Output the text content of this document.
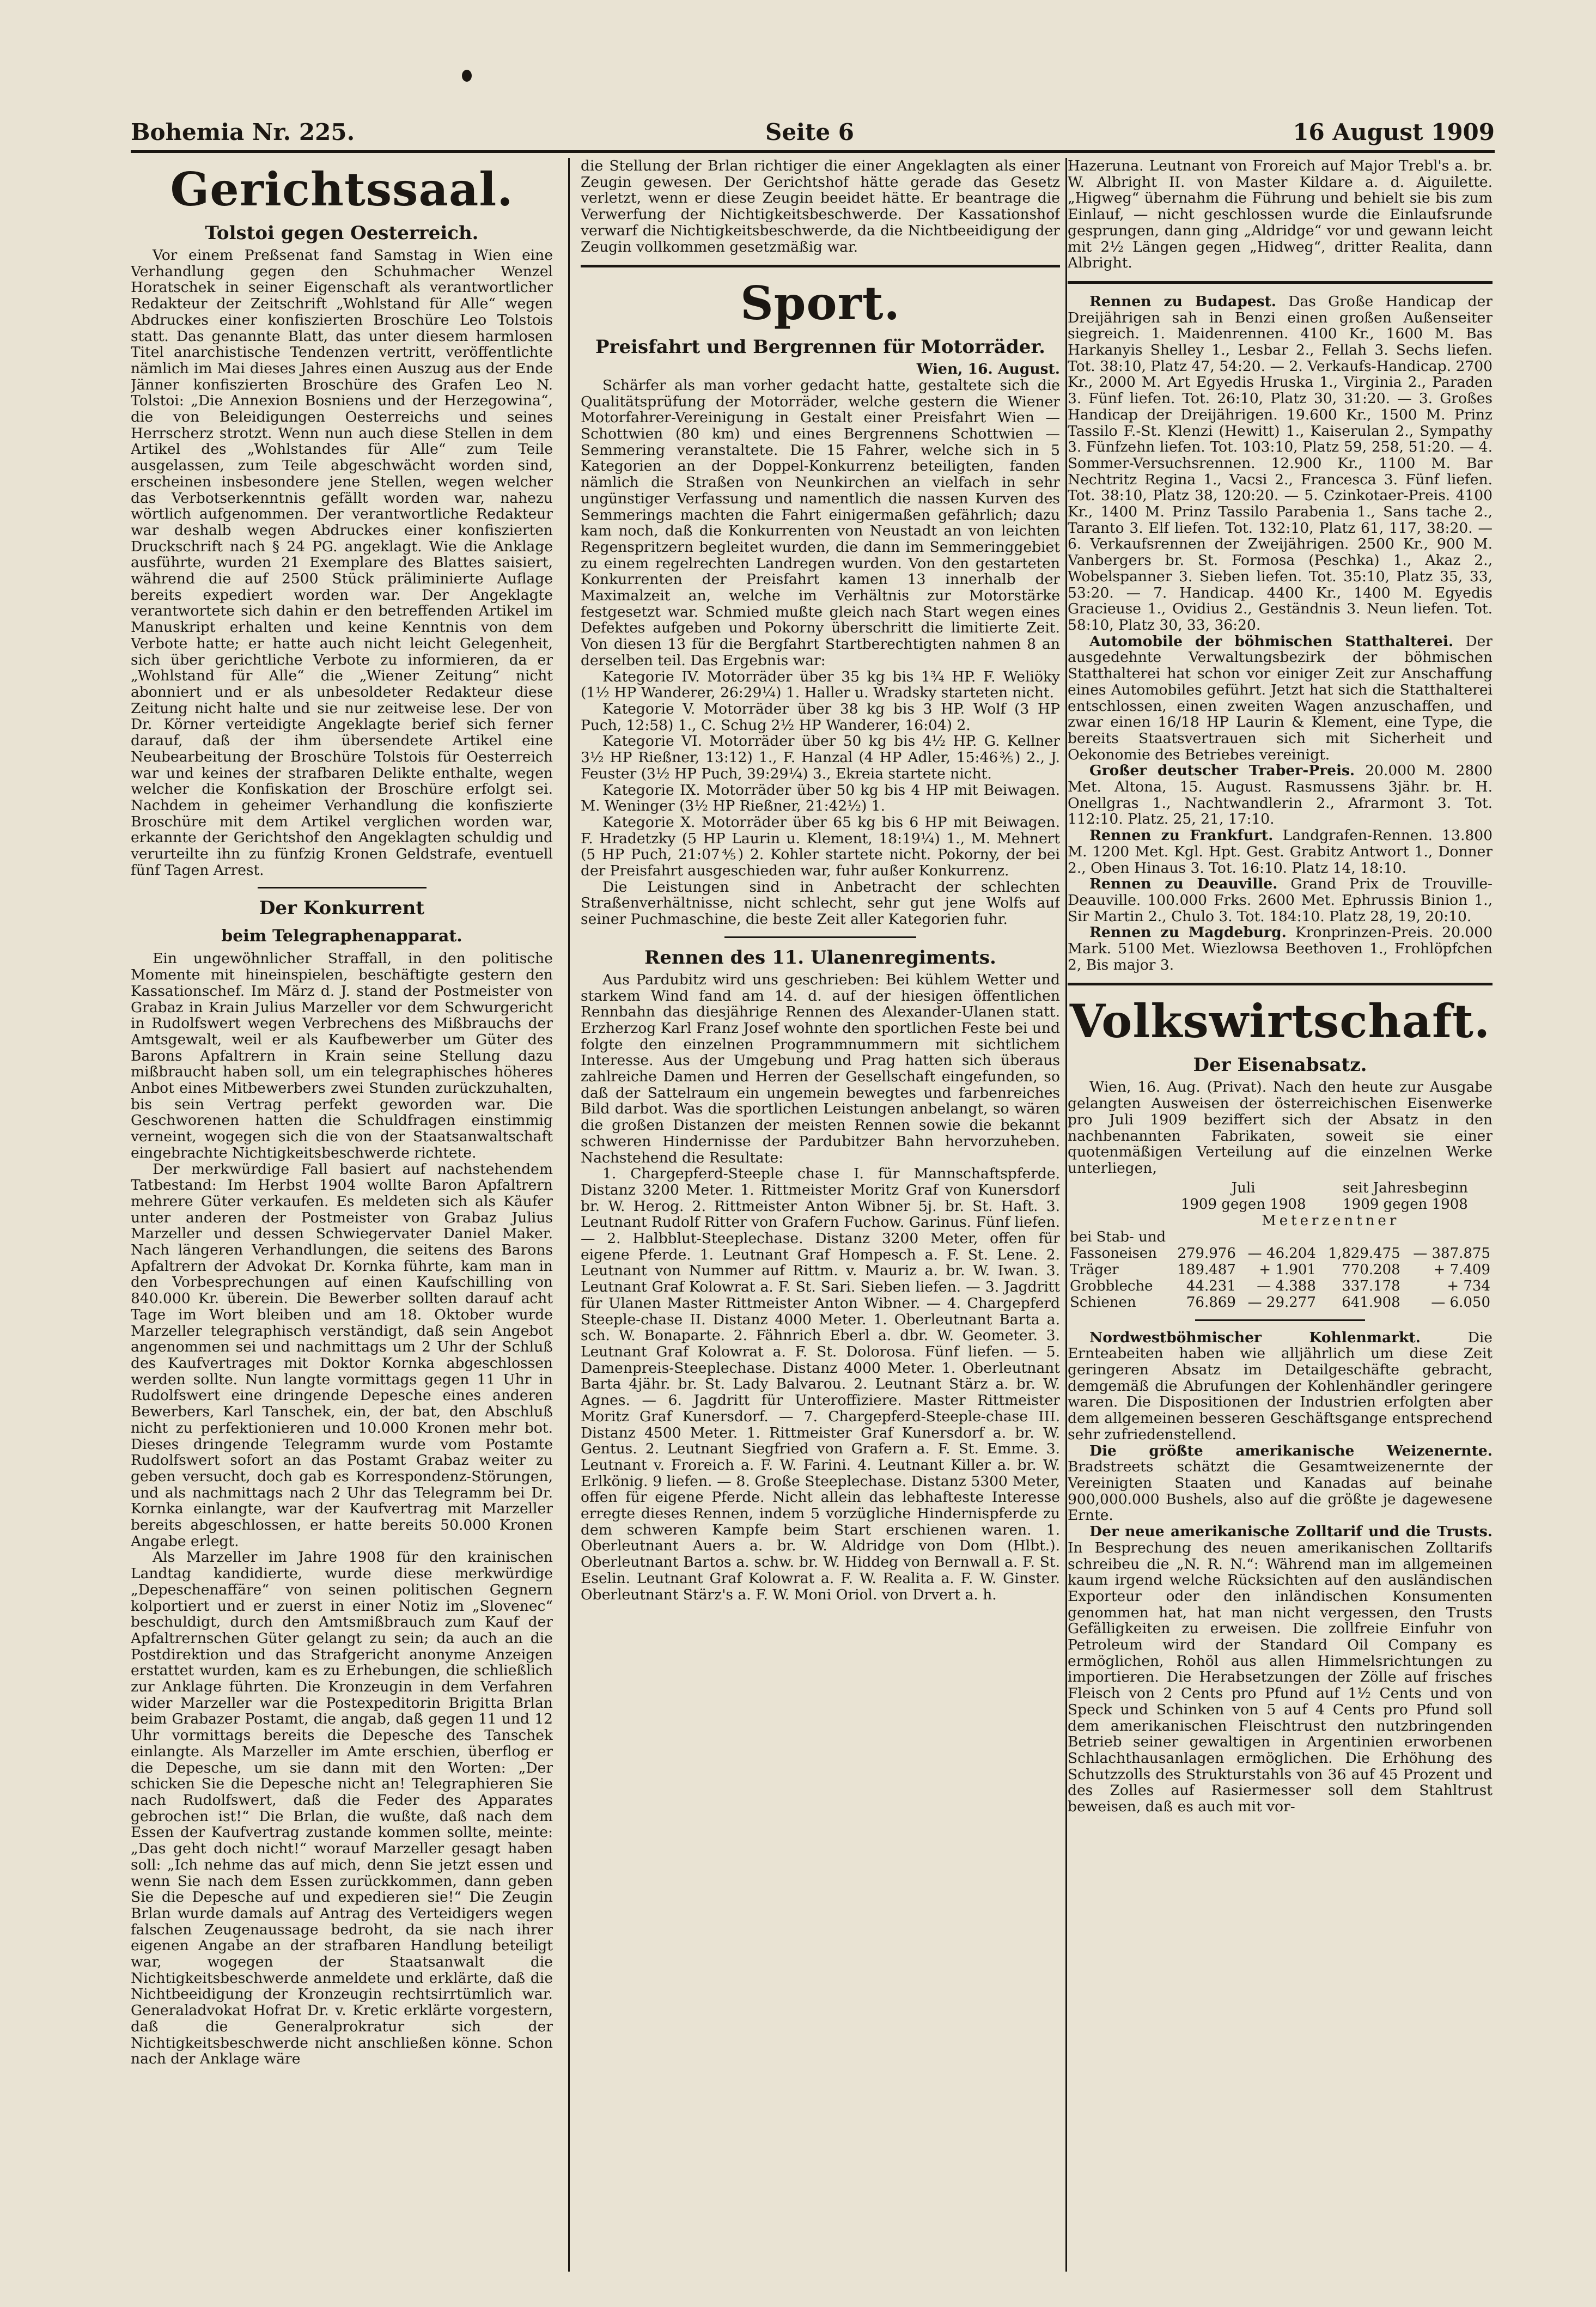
Bohemia Nr. 225.	Seite 6	16 August 1909
Gerichtssaal.
Tolstoi gegen Oesterreich.

Vor einem Preßsenat fand Samstag in Wien eine Verhandlung gegen den Schuhmacher Wenzel Horatschek in seiner Eigenschaft als verantwortlicher Redakteur der Zeitschrift „Wohlstand für Alle“ wegen Abdruckes einer konfiszierten Broschüre Leo Tolstois statt. Das genannte Blatt, das unter diesem harmlosen Titel anarchistische Tendenzen vertritt, veröffentlichte nämlich im Mai dieses Jahres einen Auszug aus der Ende Jänner konfiszierten Broschüre des Grafen Leo N. Tolstoi: „Die Annexion Bosniens und der Herzegowina“, die von Beleidigungen Oesterreichs und seines Herrscherz strotzt. Wenn nun auch diese Stellen in dem Artikel des „Wohlstandes für Alle“ zum Teile ausgelassen, zum Teile abgeschwächt worden sind, erscheinen insbesondere jene Stellen, wegen welcher das Verbotserkenntnis gefällt worden war, nahezu wörtlich aufgenommen. Der verantwortliche Redakteur war deshalb wegen Abdruckes einer konfiszierten Druckschrift nach § 24 PG. angeklagt. Wie die Anklage ausführte, wurden 21 Exemplare des Blattes saisiert, während die auf 2500 Stück präliminierte Auflage bereits expediert worden war. Der Angeklagte verantwortete sich dahin er den betreffenden Artikel im Manuskript erhalten und keine Kenntnis von dem Verbote hatte; er hatte auch nicht leicht Gelegenheit, sich über gerichtliche Verbote zu informieren, da er „Wohlstand für Alle“ die „Wiener Zeitung“ nicht abonniert und er als unbesoldeter Redakteur diese Zeitung nicht halte und sie nur zeitweise lese. Der von Dr. Körner verteidigte Angeklagte berief sich ferner darauf, daß der ihm übersendete Artikel eine Neubearbeitung der Broschüre Tolstois für Oesterreich war und keines der strafbaren Delikte enthalte, wegen welcher die Konfiskation der Broschüre erfolgt sei. Nachdem in geheimer Verhandlung die konfiszierte Broschüre mit dem Artikel verglichen worden war, erkannte der Gerichtshof den Angeklagten schuldig und verurteilte ihn zu fünfzig Kronen Geldstrafe, eventuell fünf Tagen Arrest.

Der Konkurrent
beim Telegraphenapparat.

Ein ungewöhnlicher Straffall, in den politische Momente mit hineinspielen, beschäftigte gestern den Kassationschef. Im März d. J. stand der Postmeister von Grabaz in Krain Julius Marzeller vor dem Schwurgericht in Rudolfswert wegen Verbrechens des Mißbrauchs der Amtsgewalt, weil er als Kaufbewerber um Güter des Barons Apfaltrern in Krain seine Stellung dazu mißbraucht haben soll, um ein telegraphisches höheres Anbot eines Mitbewerbers zwei Stunden zurückzuhalten, bis sein Vertrag perfekt geworden war. Die Geschworenen hatten die Schuldfragen einstimmig verneint, wogegen sich die von der Staatsanwaltschaft eingebrachte Nichtigkeitsbeschwerde richtete.

Der merkwürdige Fall basiert auf nachstehendem Tatbestand: Im Herbst 1904 wollte Baron Apfaltrern mehrere Güter verkaufen. Es meldeten sich als Käufer unter anderen der Postmeister von Grabaz Julius Marzeller und dessen Schwiegervater Daniel Maker. Nach längeren Verhandlungen, die seitens des Barons Apfaltrern der Advokat Dr. Kornka führte, kam man in den Vorbesprechungen auf einen Kaufschilling von 840.000 Kr. überein. Die Bewerber sollten darauf acht Tage im Wort bleiben und am 18. Oktober wurde Marzeller telegraphisch verständigt, daß sein Angebot angenommen sei und nachmittags um 2 Uhr der Schluß des Kaufvertrages mit Doktor Kornka abgeschlossen werden sollte. Nun langte vormittags gegen 11 Uhr in Rudolfswert eine dringende Depesche eines anderen Bewerbers, Karl Tanschek, ein, der bat, den Abschluß nicht zu perfektionieren und 10.000 Kronen mehr bot. Dieses dringende Telegramm wurde vom Postamte Rudolfswert sofort an das Postamt Grabaz weiter zu geben versucht, doch gab es Korrespondenz-Störungen, und als nachmittags nach 2 Uhr das Telegramm bei Dr. Kornka einlangte, war der Kaufvertrag mit Marzeller bereits abgeschlossen, er hatte bereits 50.000 Kronen Angabe erlegt.

Als Marzeller im Jahre 1908 für den krainischen Landtag kandidierte, wurde diese merkwürdige „Depeschenaffäre“ von seinen politischen Gegnern kolportiert und er zuerst in einer Notiz im „Slovenec“ beschuldigt, durch den Amtsmißbrauch zum Kauf der Apfaltrernschen Güter gelangt zu sein; da auch an die Postdirektion und das Strafgericht anonyme Anzeigen erstattet wurden, kam es zu Erhebungen, die schließlich zur Anklage führten. Die Kronzeugin in dem Verfahren wider Marzeller war die Postexpeditorin Brigitta Brlan beim Grabazer Postamt, die angab, daß gegen 11 und 12 Uhr vormittags bereits die Depesche des Tanschek einlangte. Als Marzeller im Amte erschien, überflog er die Depesche, um sie dann mit den Worten: „Der schicken Sie die Depesche nicht an! Telegraphieren Sie nach Rudolfswert, daß die Feder des Apparates gebrochen ist!“ Die Brlan, die wußte, daß nach dem Essen der Kaufvertrag zustande kommen sollte, meinte: „Das geht doch nicht!“ worauf Marzeller gesagt haben soll: „Ich nehme das auf mich, denn Sie jetzt essen und wenn Sie nach dem Essen zurückkommen, dann geben Sie die Depesche auf und expedieren sie!“ Die Zeugin Brlan wurde damals auf Antrag des Verteidigers wegen falschen Zeugenaussage bedroht, da sie nach ihrer eigenen Angabe an der strafbaren Handlung beteiligt war, wogegen der Staatsanwalt die Nichtigkeitsbeschwerde anmeldete und erklärte, daß die Nichtbeeidigung der Kronzeugin rechtsirrtümlich war. Generaladvokat Hofrat Dr. v. Kretic erklärte vorgestern, daß die Generalprokratur sich der Nichtigkeitsbeschwerde nicht anschließen könne. Schon nach der Anklage wäre

die Stellung der Brlan richtiger die einer Angeklagten als einer Zeugin gewesen. Der Gerichtshof hätte gerade das Gesetz verletzt, wenn er diese Zeugin beeidet hätte. Er beantrage die Verwerfung der Nichtigkeitsbeschwerde. Der Kassationshof verwarf die Nichtigkeitsbeschwerde, da die Nichtbeeidigung der Zeugin vollkommen gesetzmäßig war.

Sport.
Preisfahrt und Bergrennen für Motorräder.
Wien, 16. August.

Schärfer als man vorher gedacht hatte, gestaltete sich die Qualitätsprüfung der Motorräder, welche gestern die Wiener Motorfahrer-Vereinigung in Gestalt einer Preisfahrt Wien — Schottwien (80 km) und eines Bergrennens Schottwien — Semmering veranstaltete. Die 15 Fahrer, welche sich in 5 Kategorien an der Doppel-Konkurrenz beteiligten, fanden nämlich die Straßen von Neunkirchen an vielfach in sehr ungünstiger Verfassung und namentlich die nassen Kurven des Semmerings machten die Fahrt einigermaßen gefährlich; dazu kam noch, daß die Konkurrenten von Neustadt an von leichten Regenspritzern begleitet wurden, die dann im Semmeringgebiet zu einem regelrechten Landregen wurden. Von den gestarteten Konkurrenten der Preisfahrt kamen 13 innerhalb der Maximalzeit an, welche im Verhältnis zur Motorstärke festgesetzt war. Schmied mußte gleich nach Start wegen eines Defektes aufgeben und Pokorny überschritt die limitierte Zeit. Von diesen 13 für die Bergfahrt Startberechtigten nahmen 8 an derselben teil. Das Ergebnis war:

Kategorie IV. Motorräder über 35 kg bis 1¾ HP. F. Weliöky (1½ HP Wanderer, 26:29¼) 1. Haller u. Wradsky starteten nicht.

Kategorie V. Motorräder über 38 kg bis 3 HP. Wolf (3 HP Puch, 12:58) 1., C. Schug 2½ HP Wanderer, 16:04) 2.

Kategorie VI. Motorräder über 50 kg bis 4½ HP. G. Kellner 3½ HP Rießner, 13:12) 1., F. Hanzal (4 HP Adler, 15:46⅗) 2., J. Feuster (3½ HP Puch, 39:29¼) 3., Ekreia startete nicht.

Kategorie IX. Motorräder über 50 kg bis 4 HP mit Beiwagen. M. Weninger (3½ HP Rießner, 21:42½) 1.

Kategorie X. Motorräder über 65 kg bis 6 HP mit Beiwagen. F. Hradetzky (5 HP Laurin u. Klement, 18:19¼) 1., M. Mehnert (5 HP Puch, 21:07⅘) 2. Kohler startete nicht. Pokorny, der bei der Preisfahrt ausgeschieden war, fuhr außer Konkurrenz.

Die Leistungen sind in Anbetracht der schlechten Straßenverhältnisse, nicht schlecht, sehr gut jene Wolfs auf seiner Puchmaschine, die beste Zeit aller Kategorien fuhr.

Rennen des 11. Ulanenregiments.

Aus Pardubitz wird uns geschrieben: Bei kühlem Wetter und starkem Wind fand am 14. d. auf der hiesigen öffentlichen Rennbahn das diesjährige Rennen des Alexander-Ulanen statt. Erzherzog Karl Franz Josef wohnte den sportlichen Feste bei und folgte den einzelnen Programmnummern mit sichtlichem Interesse. Aus der Umgebung und Prag hatten sich überaus zahlreiche Damen und Herren der Gesellschaft eingefunden, so daß der Sattelraum ein ungemein bewegtes und farbenreiches Bild darbot. Was die sportlichen Leistungen anbelangt, so wären die großen Distanzen der meisten Rennen sowie die bekannt schweren Hindernisse der Pardubitzer Bahn hervorzuheben. Nachstehend die Resultate:

1. Chargepferd-Steeple chase I. für Mannschaftspferde. Distanz 3200 Meter. 1. Rittmeister Moritz Graf von Kunersdorf br. W. Herog. 2. Rittmeister Anton Wibner 5j. br. St. Haft. 3. Leutnant Rudolf Ritter von Grafern Fuchow. Garinus. Fünf liefen. — 2. Halbblut-Steeplechase. Distanz 3200 Meter, offen für eigene Pferde. 1. Leutnant Graf Hompesch a. F. St. Lene. 2. Leutnant von Nummer auf Rittm. v. Mauriz a. br. W. Iwan. 3. Leutnant Graf Kolowrat a. F. St. Sari. Sieben liefen. — 3. Jagdritt für Ulanen Master Rittmeister Anton Wibner. — 4. Chargepferd Steeple-chase II. Distanz 4000 Meter. 1. Oberleutnant Barta a. sch. W. Bonaparte. 2. Fähnrich Eberl a. dbr. W. Geometer. 3. Leutnant Graf Kolowrat a. F. St. Dolorosa. Fünf liefen. — 5. Damenpreis-Steeplechase. Distanz 4000 Meter. 1. Oberleutnant Barta 4jähr. br. St. Lady Balvarou. 2. Leutnant Stärz a. br. W. Agnes. — 6. Jagdritt für Unteroffiziere. Master Rittmeister Moritz Graf Kunersdorf. — 7. Chargepferd-Steeple-chase III. Distanz 4500 Meter. 1. Rittmeister Graf Kunersdorf a. br. W. Gentus. 2. Leutnant Siegfried von Grafern a. F. St. Emme. 3. Leutnant v. Froreich a. F. W. Farini. 4. Leutnant Killer a. br. W. Erlkönig. 9 liefen. — 8. Große Steeplechase. Distanz 5300 Meter, offen für eigene Pferde. Nicht allein das lebhafteste Interesse erregte dieses Rennen, indem 5 vorzügliche Hindernispferde zu dem schweren Kampfe beim Start erschienen waren. 1. Oberleutnant Auers a. br. W. Aldridge von Dom (Hlbt.). Oberleutnant Bartos a. schw. br. W. Hiddeg von Bernwall a. F. St. Eselin. Leutnant Graf Kolowrat a. F. W. Realita a. F. W. Ginster. Oberleutnant Stärz's a. F. W. Moni Oriol. von Drvert a. h.

Hazeruna. Leutnant von Froreich auf Major Trebl's a. br. W. Albright II. von Master Kildare a. d. Aiguilette. „Higweg“ übernahm die Führung und behielt sie bis zum Einlauf, — nicht geschlossen wurde die Einlaufsrunde gesprungen, dann ging „Aldridge“ vor und gewann leicht mit 2½ Längen gegen „Hidweg“, dritter Realita, dann Albright.

Rennen zu Budapest. Das Große Handicap der Dreijährigen sah in Benzi einen großen Außenseiter siegreich. 1. Maidenrennen. 4100 Kr., 1600 M. Bas Harkanyis Shelley 1., Lesbar 2., Fellah 3. Sechs liefen. Tot. 38:10, Platz 47, 54:20. — 2. Verkaufs-Handicap. 2700 Kr., 2000 M. Art Egyedis Hruska 1., Virginia 2., Paraden 3. Fünf liefen. Tot. 26:10, Platz 30, 31:20. — 3. Großes Handicap der Dreijährigen. 19.600 Kr., 1500 M. Prinz Tassilo F.-St. Klenzi (Hewitt) 1., Kaiserulan 2., Sympathy 3. Fünfzehn liefen. Tot. 103:10, Platz 59, 258, 51:20. — 4. Sommer-Versuchsrennen. 12.900 Kr., 1100 M. Bar Nechtritz Regina 1., Vacsi 2., Francesca 3. Fünf liefen. Tot. 38:10, Platz 38, 120:20. — 5. Czinkotaer-Preis. 4100 Kr., 1400 M. Prinz Tassilo Parabenia 1., Sans tache 2., Taranto 3. Elf liefen. Tot. 132:10, Platz 61, 117, 38:20. — 6. Verkaufsrennen der Zweijährigen. 2500 Kr., 900 M. Vanbergers br. St. Formosa (Peschka) 1., Akaz 2., Wobelspanner 3. Sieben liefen. Tot. 35:10, Platz 35, 33, 53:20. — 7. Handicap. 4400 Kr., 1400 M. Egyedis Gracieuse 1., Ovidius 2., Geständnis 3. Neun liefen. Tot. 58:10, Platz 30, 33, 36:20.

Automobile der böhmischen Statthalterei. Der ausgedehnte Verwaltungsbezirk der böhmischen Statthalterei hat schon vor einiger Zeit zur Anschaffung eines Automobiles geführt. Jetzt hat sich die Statthalterei entschlossen, einen zweiten Wagen anzuschaffen, und zwar einen 16/18 HP Laurin & Klement, eine Type, die bereits Staatsvertrauen sich mit Sicherheit und Oekonomie des Betriebes vereinigt.

Großer deutscher Traber-Preis. 20.000 M. 2800 Met. Altona, 15. August. Rasmussens 3jähr. br. H. Onellgras 1., Nachtwandlerin 2., Afrarmont 3. Tot. 112:10. Platz. 25, 21, 17:10.

Rennen zu Frankfurt. Landgrafen-Rennen. 13.800 M. 1200 Met. Kgl. Hpt. Gest. Grabitz Antwort 1., Donner 2., Oben Hinaus 3. Tot. 16:10. Platz 14, 18:10.

Rennen zu Deauville. Grand Prix de Trouville-Deauville. 100.000 Frks. 2600 Met. Ephrussis Binion 1., Sir Martin 2., Chulo 3. Tot. 184:10. Platz 28, 19, 20:10.

Rennen zu Magdeburg. Kronprinzen-Preis. 20.000 Mark. 5100 Met. Wiezlowsa Beethoven 1., Frohlöpfchen 2, Bis major 3.

Volkswirtschaft.
Der Eisenabsatz.

Wien, 16. Aug. (Privat). Nach den heute zur Ausgabe gelangten Ausweisen der österreichischen Eisenwerke pro Juli 1909 beziffert sich der Absatz in den nachbenannten Fabrikaten, soweit sie einer quotenmäßigen Verteilung auf die einzelnen Werke unterliegen,

	Juli		seit Jahresbeginn	
	1909 gegen 1908		1909 gegen 1908	
	Meterzentner			
bei Stab- und				
Fassoneisen	279.976	— 46.204	1,829.475	— 387.875
Träger	189.487	+ 1.901	770.208	+ 7.409
Grobbleche	44.231	— 4.388	337.178	+ 734
Schienen	76.869	— 29.277	641.908	— 6.050

Nordwestböhmischer Kohlenmarkt.	Die Ernteabeiten haben wie alljährlich um diese Zeit geringeren Absatz im Detailgeschäfte gebracht, demgemäß die Abrufungen der Kohlenhändler geringere waren. Die Dispositionen der Industrien erfolgten aber dem allgemeinen besseren Geschäftsgange entsprechend sehr zufriedenstellend.

Die größte amerikanische Weizenernte. Bradstreets schätzt die Gesamtweizenernte der Vereinigten Staaten und Kanadas auf beinahe 900,000.000 Bushels, also auf die größte je dagewesene Ernte.

Der neue amerikanische Zolltarif und die Trusts. In Besprechung des neuen amerikanischen Zolltarifs schreibeu die „N. R. N.“: Während man im allgemeinen kaum irgend welche Rücksichten auf den ausländischen Exporteur oder den inländischen Konsumenten genommen hat, hat man nicht vergessen, den Trusts Gefälligkeiten zu erweisen. Die zollfreie Einfuhr von Petroleum wird der Standard Oil Company es ermöglichen, Rohöl aus allen Himmelsrichtungen zu importieren. Die Herabsetzungen der Zölle auf frisches Fleisch von 2 Cents pro Pfund auf 1½ Cents und von Speck und Schinken von 5 auf 4 Cents pro Pfund soll dem amerikanischen Fleischtrust den nutzbringenden Betrieb seiner gewaltigen in Argentinien erworbenen Schlachthausanlagen ermöglichen. Die Erhöhung des Schutzzolls des Strukturstahls von 36 auf 45 Prozent und des Zolles auf Rasiermesser soll dem Stahltrust beweisen, daß es auch mit vor-
